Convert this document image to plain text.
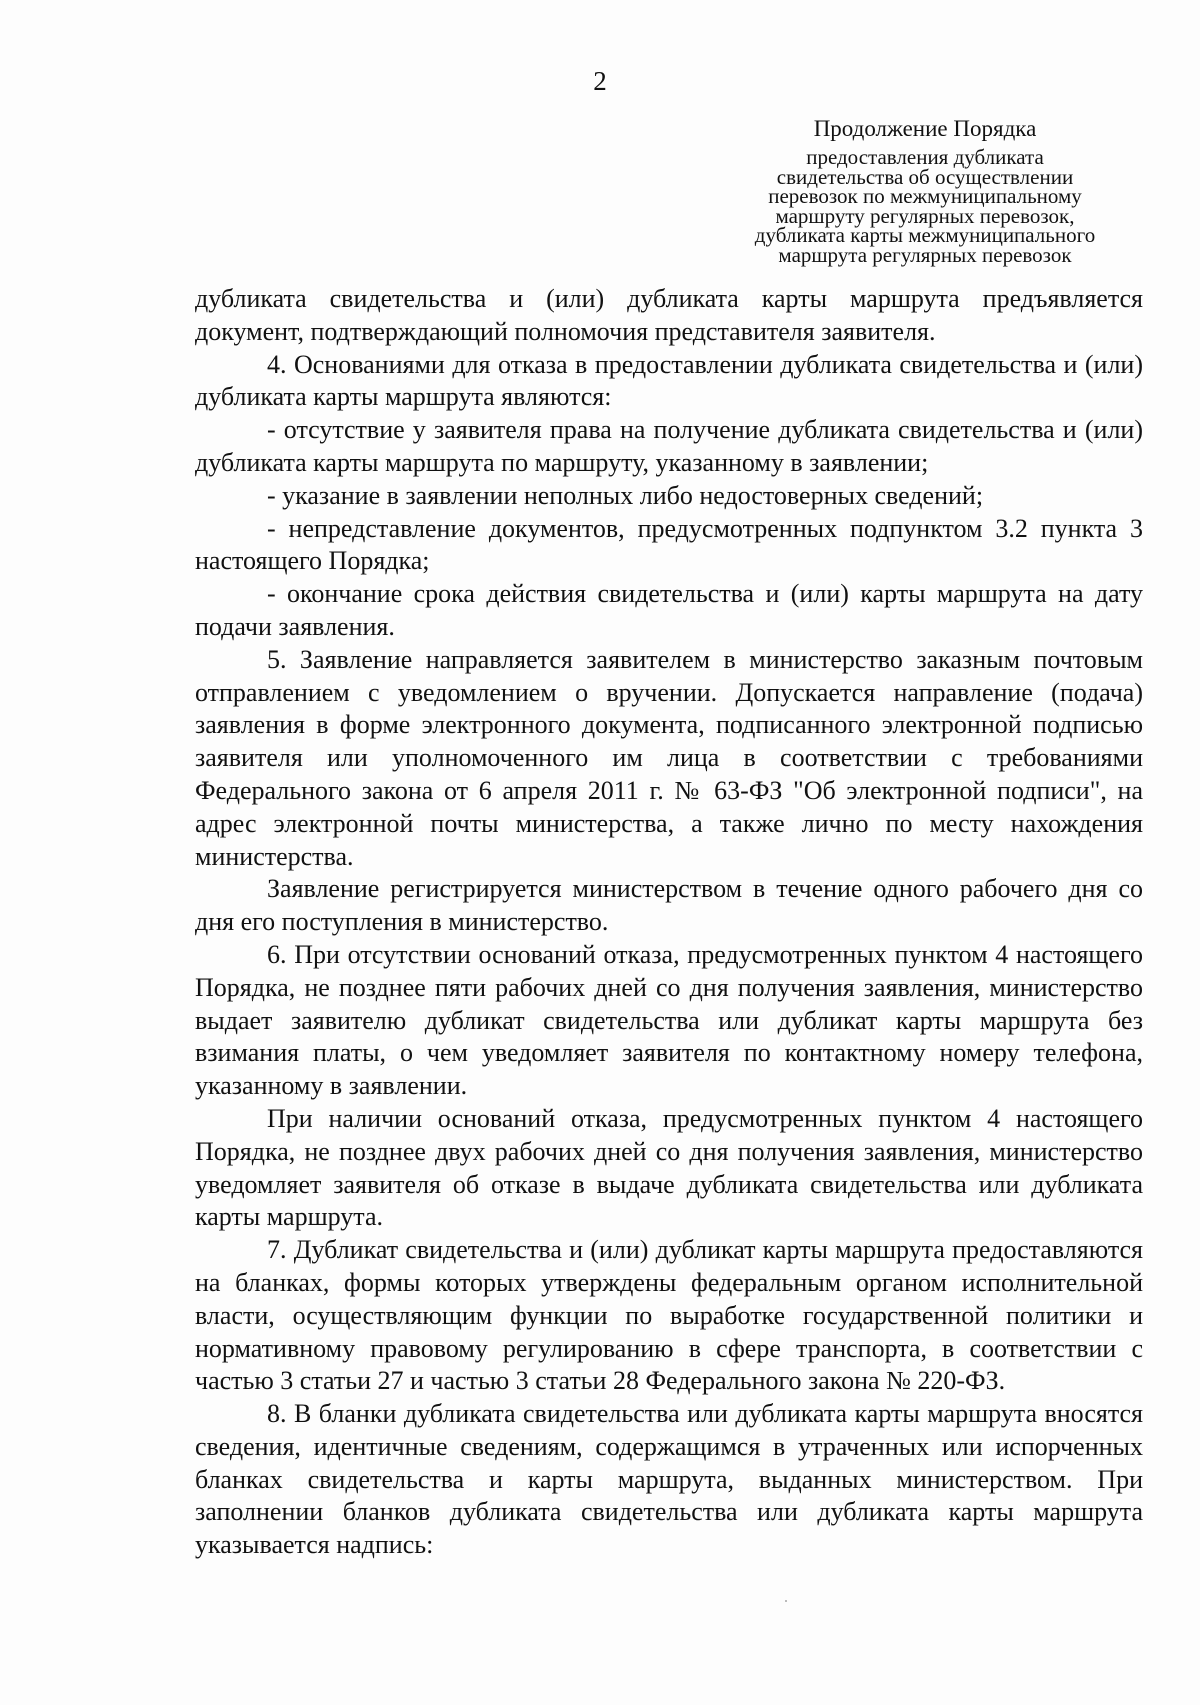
2
Продолжение Порядка
предоставления дубликата
свидетельства об осуществлении
перевозок по межмуниципальному
маршруту регулярных перевозок,
дубликата карты межмуниципального
маршрута регулярных перевозок

дубликата свидетельства и (или) дубликата карты маршрута предъявляется документ, подтверждающий полномочия представителя заявителя.

4. Основаниями для отказа в предоставлении дубликата свидетельства и (или) дубликата карты маршрута являются:

- отсутствие у заявителя права на получение дубликата свидетельства и (или) дубликата карты маршрута по маршруту, указанному в заявлении;

- указание в заявлении неполных либо недостоверных сведений;

- непредставление документов, предусмотренных подпунктом 3.2 пункта 3 настоящего Порядка;

- окончание срока действия свидетельства и (или) карты маршрута на дату подачи заявления.

5. Заявление направляется заявителем в министерство заказным почтовым отправлением с уведомлением о вручении. Допускается направление (подача) заявления в форме электронного документа, подписанного электронной подписью заявителя или уполномоченного им лица в соответствии с требованиями Федерального закона от 6 апреля 2011 г. № 63-ФЗ "Об электронной подписи", на адрес электронной почты министерства, а также лично по месту нахождения министерства.

Заявление регистрируется министерством в течение одного рабочего дня со дня его поступления в министерство.

6. При отсутствии оснований отказа, предусмотренных пунктом 4 настоящего Порядка, не позднее пяти рабочих дней со дня получения заявления, министерство выдает заявителю дубликат свидетельства или дубликат карты маршрута без взимания платы, о чем уведомляет заявителя по контактному номеру телефона, указанному в заявлении.

При наличии оснований отказа, предусмотренных пунктом 4 настоящего Порядка, не позднее двух рабочих дней со дня получения заявления, министерство уведомляет заявителя об отказе в выдаче дубликата свидетельства или дубликата карты маршрута.

7. Дубликат свидетельства и (или) дубликат карты маршрута предоставляются на бланках, формы которых утверждены федеральным органом исполнительной власти, осуществляющим функции по выработке государственной политики и нормативному правовому регулированию в сфере транспорта, в соответствии с частью 3 статьи 27 и частью 3 статьи 28 Федерального закона № 220-ФЗ.

8. В бланки дубликата свидетельства или дубликата карты маршрута вносятся сведения, идентичные сведениям, содержащимся в утраченных или испорченных бланках свидетельства и карты маршрута, выданных министерством. При заполнении бланков дубликата свидетельства или дубликата карты маршрута указывается надпись:
